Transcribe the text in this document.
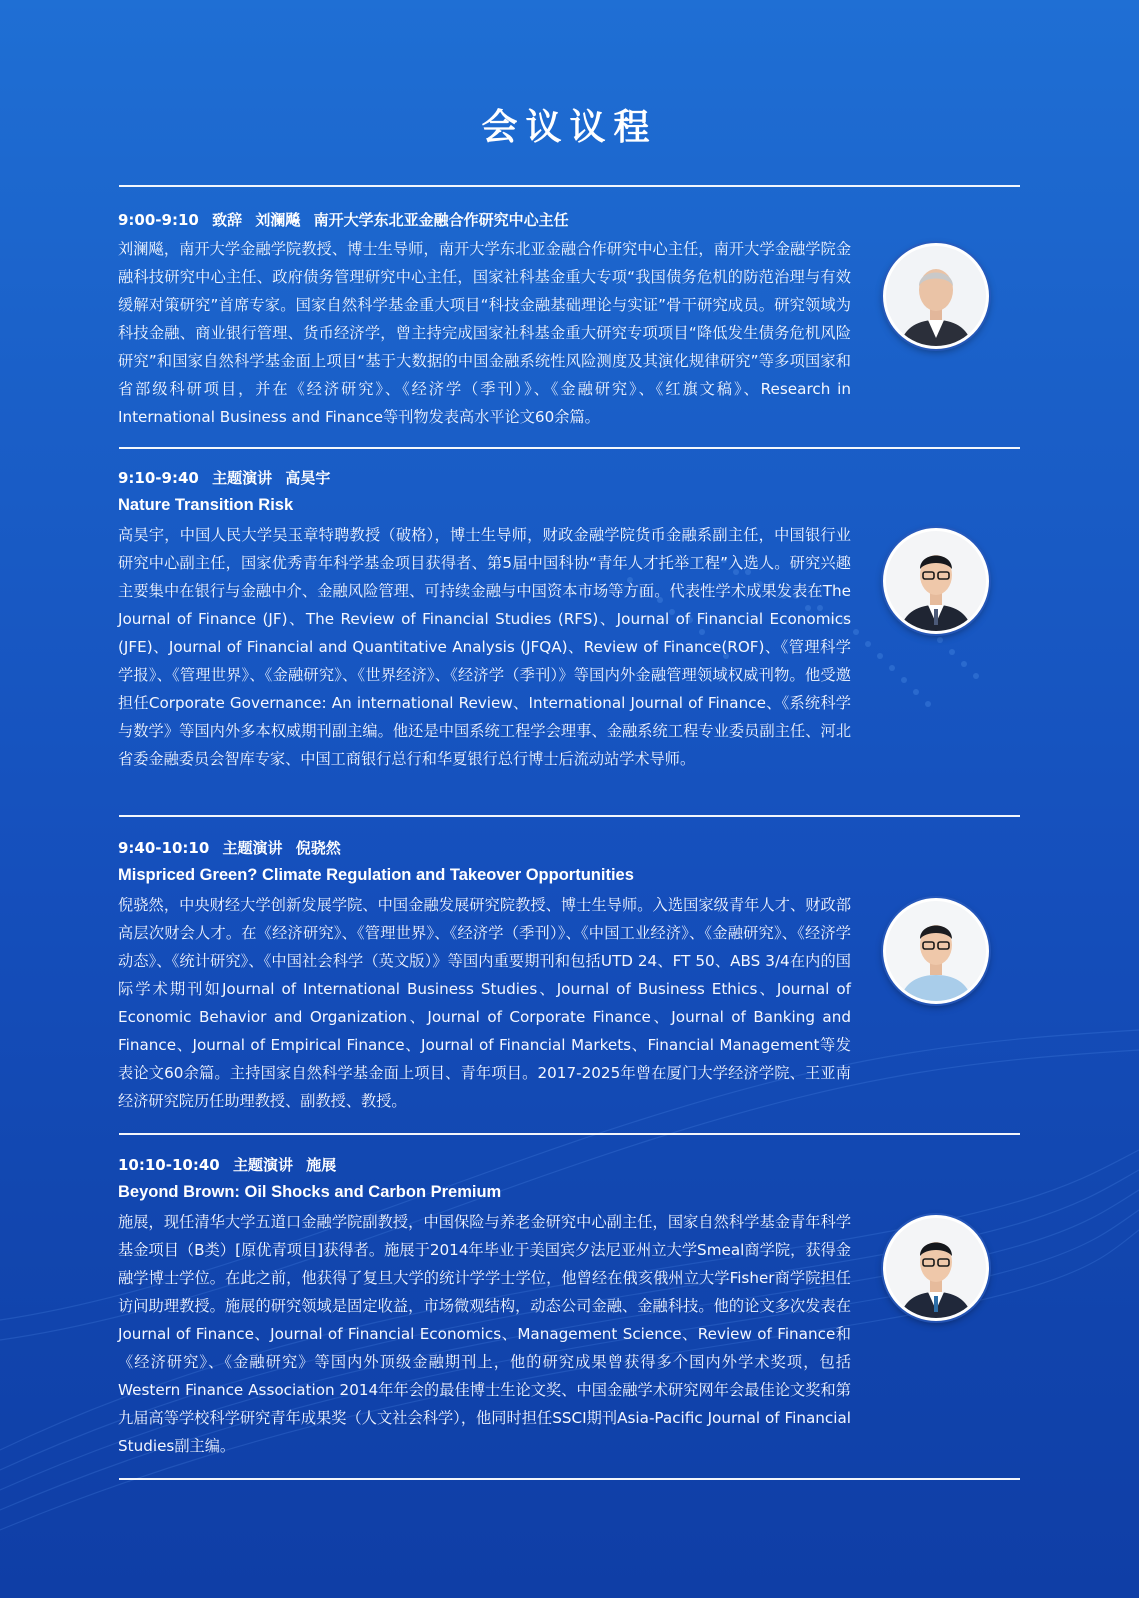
会议议程
9:00-9:10 致辞 刘澜飚 南开大学东北亚金融合作研究中心主任
刘澜飚，南开大学金融学院教授、博士生导师，南开大学东北亚金融合作研究中心主任，南开大学金融学院金融科技研究中心主任、政府债务管理研究中心主任，国家社科基金重大专项“我国债务危机的防范治理与有效缓解对策研究”首席专家。国家自然科学基金重大项目“科技金融基础理论与实证”骨干研究成员。研究领域为科技金融、商业银行管理、货币经济学，曾主持完成国家社科基金重大研究专项项目“降低发生债务危机风险研究”和国家自然科学基金面上项目“基于大数据的中国金融系统性风险测度及其演化规律研究”等多项国家和省部级科研项目，并在《经济研究》、《经济学（季刊）》、《金融研究》、《红旗文稿》、Research in International Business and Finance等刊物发表高水平论文60余篇。
9:10-9:40 主题演讲 高昊宇
Nature Transition Risk
高昊宇，中国人民大学吴玉章特聘教授（破格），博士生导师，财政金融学院货币金融系副主任，中国银行业研究中心副主任，国家优秀青年科学基金项目获得者、第5届中国科协“青年人才托举工程”入选人。研究兴趣主要集中在银行与金融中介、金融风险管理、可持续金融与中国资本市场等方面。代表性学术成果发表在The Journal of Finance (JF)、The Review of Financial Studies (RFS)、Journal of Financial Economics (JFE)、Journal of Financial and Quantitative Analysis (JFQA)、Review of Finance(ROF)、《管理科学学报》、《管理世界》、《金融研究》、《世界经济》、《经济学（季刊）》等国内外金融管理领域权威刊物。他受邀担任Corporate Governance: An international Review、International Journal of Finance、《系统科学与数学》等国内外多本权威期刊副主编。他还是中国系统工程学会理事、金融系统工程专业委员副主任、河北省委金融委员会智库专家、中国工商银行总行和华夏银行总行博士后流动站学术导师。
9:40-10:10 主题演讲 倪骁然
Mispriced Green? Climate Regulation and Takeover Opportunities
倪骁然，中央财经大学创新发展学院、中国金融发展研究院教授、博士生导师。入选国家级青年人才、财政部高层次财会人才。在《经济研究》、《管理世界》、《经济学（季刊）》、《中国工业经济》、《金融研究》、《经济学动态》、《统计研究》、《中国社会科学（英文版）》等国内重要期刊和包括UTD 24、FT 50、ABS 3/4在内的国际学术期刊如Journal of International Business Studies、Journal of Business Ethics、Journal of Economic Behavior and Organization、Journal of Corporate Finance、Journal of Banking and Finance、Journal of Empirical Finance、Journal of Financial Markets、Financial Management等发表论文60余篇。主持国家自然科学基金面上项目、青年项目。2017-2025年曾在厦门大学经济学院、王亚南经济研究院历任助理教授、副教授、教授。
10:10-10:40 主题演讲 施展
Beyond Brown: Oil Shocks and Carbon Premium
施展，现任清华大学五道口金融学院副教授，中国保险与养老金研究中心副主任，国家自然科学基金青年科学基金项目（B类）[原优青项目]获得者。施展于2014年毕业于美国宾夕法尼亚州立大学Smeal商学院，获得金融学博士学位。在此之前，他获得了复旦大学的统计学学士学位，他曾经在俄亥俄州立大学Fisher商学院担任访问助理教授。施展的研究领域是固定收益，市场微观结构，动态公司金融、金融科技。他的论文多次发表在Journal of Finance、Journal of Financial Economics、Management Science、Review of Finance和《经济研究》、《金融研究》等国内外顶级金融期刊上，他的研究成果曾获得多个国内外学术奖项，包括Western Finance Association 2014年年会的最佳博士生论文奖、中国金融学术研究网年会最佳论文奖和第九届高等学校科学研究青年成果奖（人文社会科学），他同时担任SSCI期刊Asia-Pacific Journal of Financial Studies副主编。
